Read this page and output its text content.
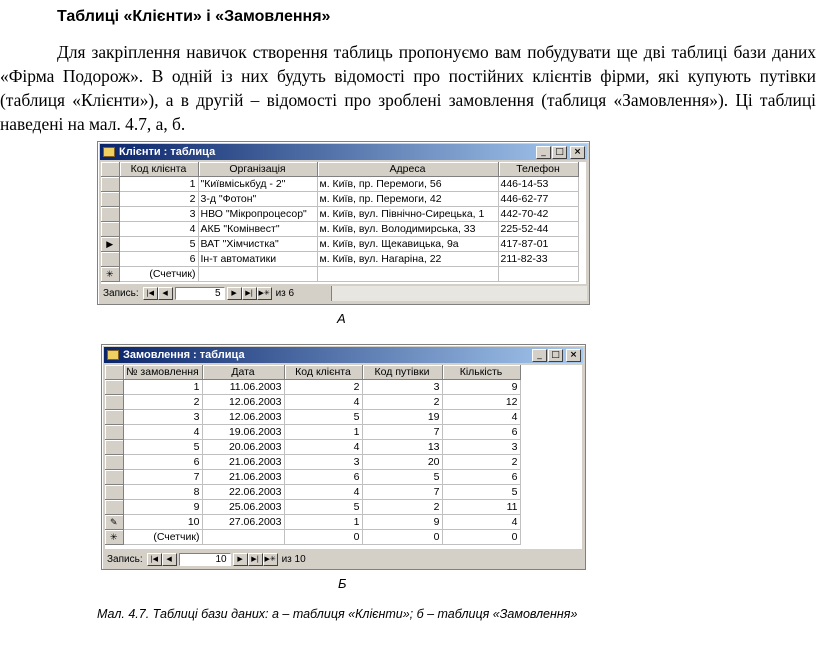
Таблиці «Клієнти» і «Замовлення»

Для закріплення навичок створення таблиць пропонуємо вам побудувати ще дві таблиці бази даних «Фірма Подорож». В одній із них будуть відомості про постійних клієнтів фірми, які купують путівки (таблиця «Клієнти»), а в другій – відомості про зроблені замовлення (таблиця «Замовлення»). Ці таблиці наведені на мал. 4.7, а, б.

Клієнти : таблица	_	□	×
	Код клієнта	Організація	Адреса	Телефон	
	1	"Київміськбуд - 2"	м. Київ, пр. Перемоги, 56	446-14-53	
	2	3-д "Фотон"	м. Київ, пр. Перемоги, 42	446-62-77	
	3	НВО "Мікропроцесор"	м. Київ, вул. Північно-Сирецька, 1	442-70-42	
	4	АКБ "Комінвест"	м. Київ, вул. Володимирська, 33	225-52-44	
▶	5	ВАТ "Хімчистка"	м. Київ, вул. Щекавицька, 9а	417-87-01	
	6	Ін-т автоматики	м. Київ, вул. Нагаріна, 22	211-82-33	
✳	(Счетчик)				
Запись:	|◀	◀	5	▶	▶| ▶✳ из 6
А
Замовлення : таблица	_	□	×
	№ замовлення	Дата	Код клієнта	Код путівки	Кількість
	1	11.06.2003	2	3	9
	2	12.06.2003	4	2	12
	3	12.06.2003	5	19	4
	4	19.06.2003	1	7	6
	5	20.06.2003	4	13	3
	6	21.06.2003	3	20	2
	7	21.06.2003	6	5	6
	8	22.06.2003	4	7	5
	9	25.06.2003	5	2	11
✎	10	27.06.2003	1	9	4
✳	(Счетчик)		0	0	0
Запись:	|◀	◀	10	▶	▶| ▶✳ из 10
Б
Мал. 4.7. Таблиці бази даних: а – таблиця «Клієнти»; б – таблиця «Замовлення»
